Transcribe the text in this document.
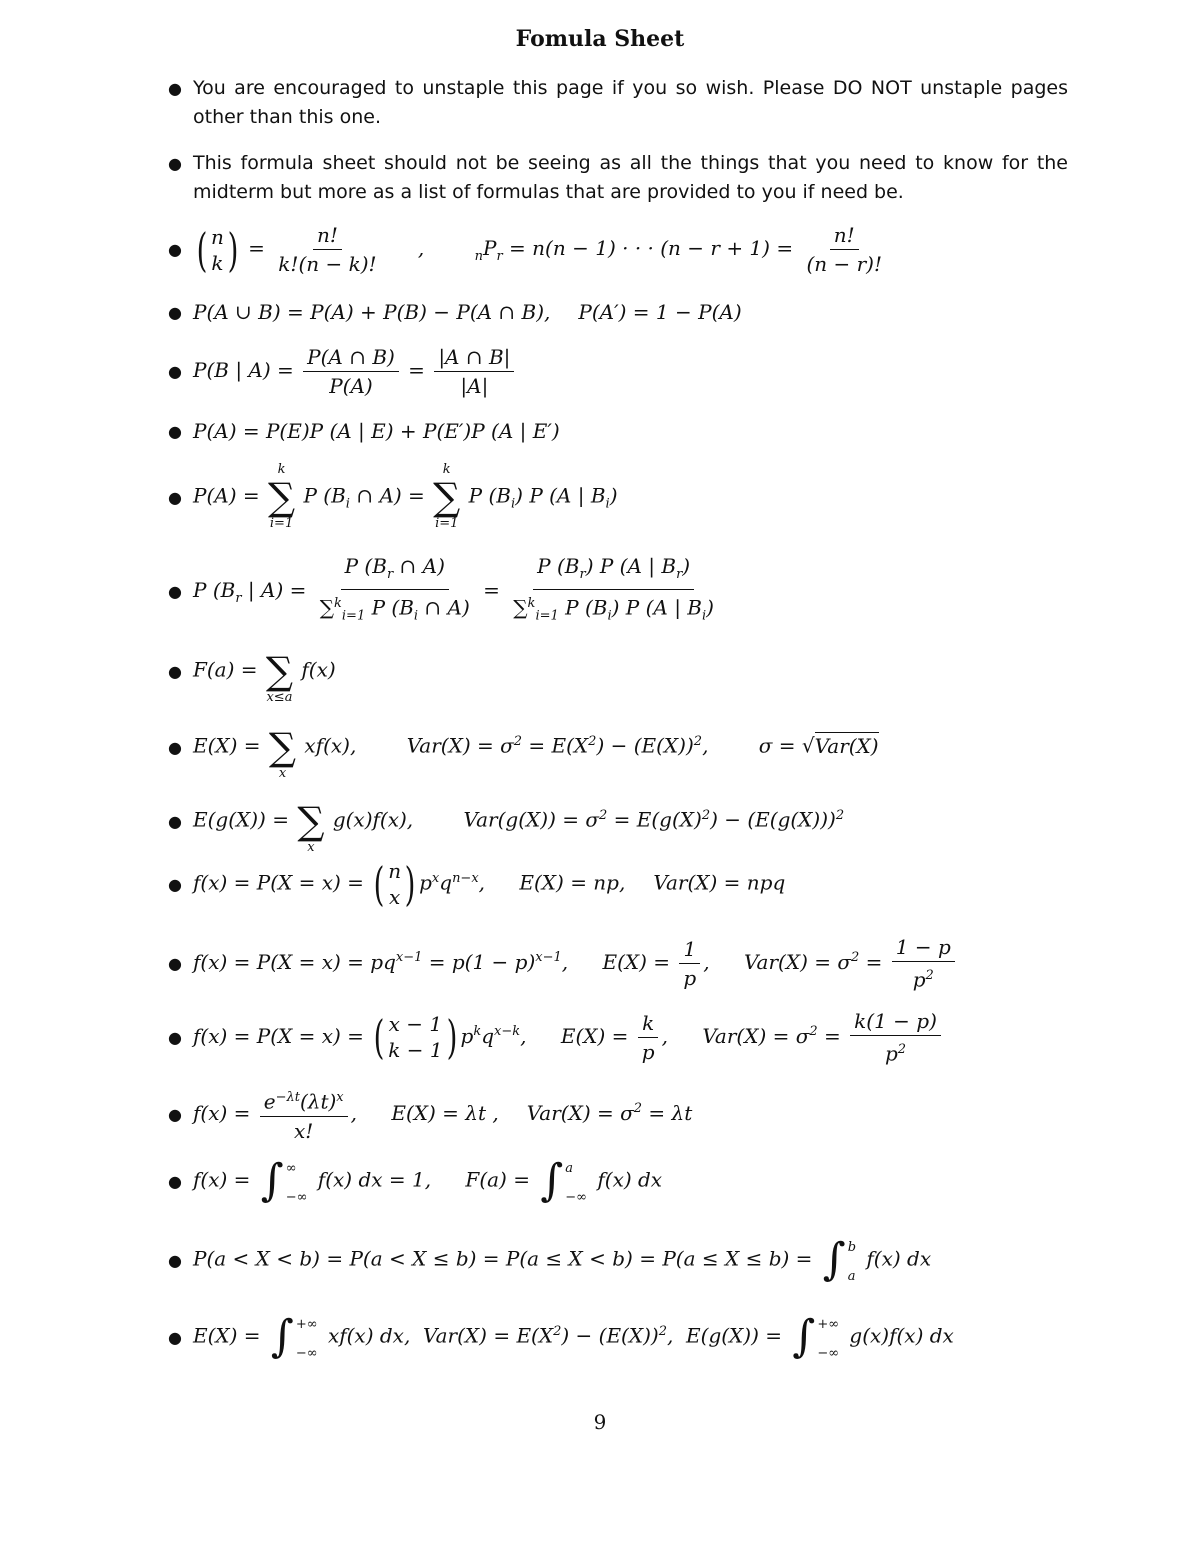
Fomula Sheet
● You are encouraged to unstaple this page if you so wish. Please DO NOT unstaple pages other than this one.
● This formula sheet should not be seeing as all the things that you need to know for the midterm but more as a list of formulas that are provided to you if need be.
● ( n
k ) = $\frac{n!}{k!(n - k)!}$ ,	$_nP_r = n(n - 1)$ · · · $(n - r + 1) = \frac{n!}{(n - r)!}$
● P(A ∪ B) = P(A) + P(B) − P(A ∩ B), P(A′) = 1 − P(A)
● P(B | $A) = \frac{P(A \cap B)}{P(A)} = \frac{|A \cap B|}{|A|}$
● P(A) = P(E)P (A | E) + P(E′)P (A | E′)
● P(A) =
k
∑
i=1
P ($B_i$ ∩ A) =
k
∑
i=1
P $(B_i)$ P (A | $B_i$)
● P ($B_r$ | $A) = \frac{P (B_r \cap A)}{\sum^k_{i=1} P (B_i \cap A)} = \frac{P (B_r) P (A | B_r)}{\sum^k_{i=1} P (B_i) P (A | B_i)}$
● F(a) =
∑
x≤a
f(x)
● E(X) =
∑
x
xf(x), $Var(X) = \sigma^2 = E(X^2) - (E(X))^2$, σ = √Var(X)
● E(g(X)) =
∑
x
g(x)f(x), $Var(g(X)) = \sigma^2 = E(g(X)^2) - (E(g(X)))^2$
● f(x) = P(X = x) = ( n
x ) $p^xq^{n-x}$, E(X) = np, Var(X) = npq
● $f(x) = P(X = x) = pq^{x-1} = p(1 - p)^{x-1}$, $E(X) = \frac{1}{p}$ , $Var(X) = \sigma^2 = \frac{1 - p}{p^2}$
● f(x) = P(X = x) = ( x − 1
k − 1 ) $p^kq^{x-k}$, $E(X) = \frac{k}{p}$ , $Var(X) = \sigma^2 = \frac{k(1 - p)}{p^2}$
● $f(x) = \frac{e^{-\lambda t}(\lambda t)^x}{x!}$ , E(X) = λt , $Var(X) = \sigma^2 = \lambda t$
● f(x) = ∫ ∞
−∞
f(x) dx = 1, F(a) = ∫ a
−∞
f(x) dx
● P(a < X < b) = P(a < X ≤ b) = P(a ≤ X < b) = P(a ≤ X ≤ b) = ∫ b
a
f(x) dx
● E(X) = ∫ +∞
−∞
xf(x) dx,  $Var(X) = E(X^2) - (E(X))^2$,  E(g(X)) = ∫ +∞
−∞
g(x)f(x) dx
9
